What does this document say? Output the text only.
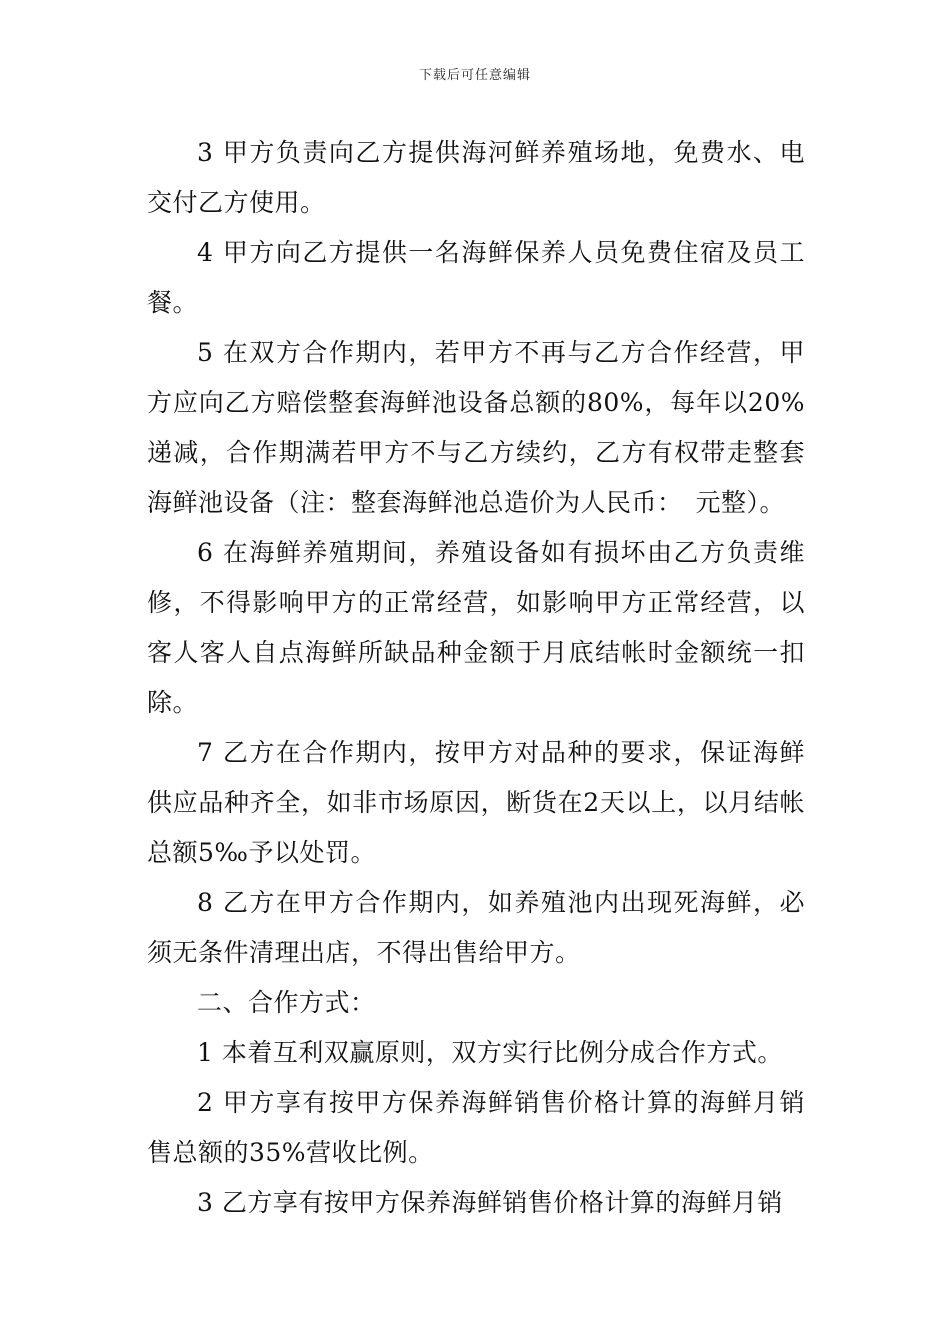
下载后可任意编辑

3 甲方负责向乙方提供海河鲜养殖场地，免费水、电交付乙方使用。

4 甲方向乙方提供一名海鲜保养人员免费住宿及员工餐。

5 在双方合作期内，若甲方不再与乙方合作经营，甲方应向乙方赔偿整套海鲜池设备总额的80%，每年以20%递减，合作期满若甲方不与乙方续约，乙方有权带走整套海鲜池设备（注：整套海鲜池总造价为人民币：　元整）。

6 在海鲜养殖期间，养殖设备如有损坏由乙方负责维修，不得影响甲方的正常经营，如影响甲方正常经营，以客人客人自点海鲜所缺品种金额于月底结帐时金额统一扣除。

7 乙方在合作期内，按甲方对品种的要求，保证海鲜供应品种齐全，如非市场原因，断货在2天以上，以月结帐总额5‰予以处罚。

8 乙方在甲方合作期内，如养殖池内出现死海鲜，必须无条件清理出店，不得出售给甲方。

二、合作方式：

1 本着互利双赢原则，双方实行比例分成合作方式。

2 甲方享有按甲方保养海鲜销售价格计算的海鲜月销售总额的35%营收比例。

3 乙方享有按甲方保养海鲜销售价格计算的海鲜月销
